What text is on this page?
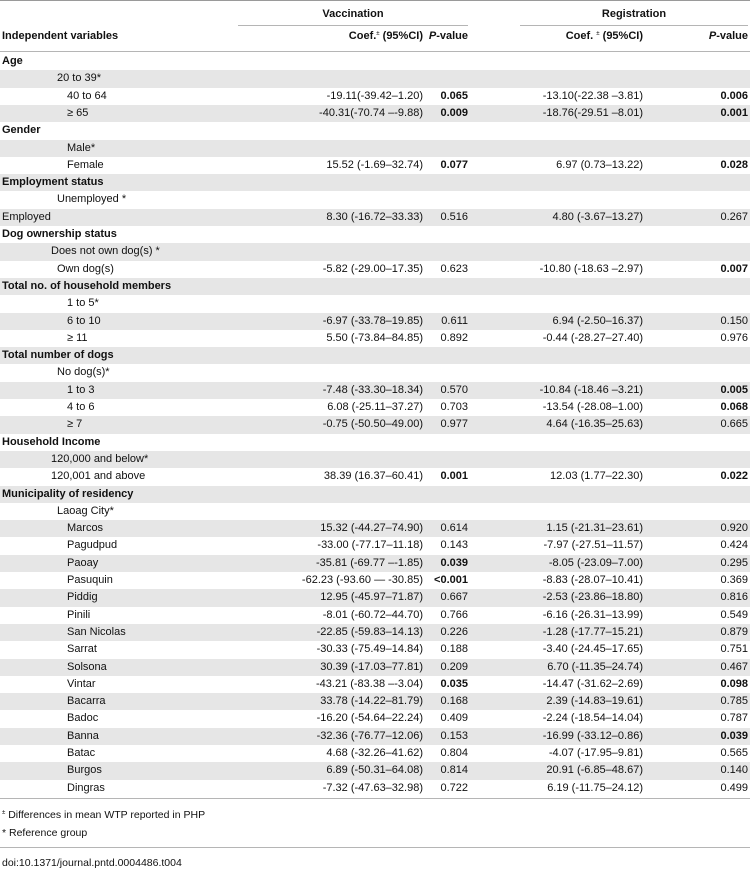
Vaccination	Registration
Independent variables	Coef.± (95%CI) P-value	Coef. ± (95%CI)	P-value
Age
20 to 39*
40 to 64	-19.11(-39.42–1.20) 0.065	-13.10(-22.38 –3.81)	0.006
≥ 65	-40.31(-70.74 –-9.88) 0.009	-18.76(-29.51 –8.01)	0.001
Gender
Male*
Female	15.52 (-1.69–32.74) 0.077	6.97 (0.73–13.22)	0.028
Employment status
Unemployed *
Employed	8.30 (-16.72–33.33) 0.516	4.80 (-3.67–13.27)	0.267
Dog ownership status
Does not own dog(s) *
Own dog(s)	-5.82 (-29.00–17.35) 0.623	-10.80 (-18.63 –2.97)	0.007
Total no. of household members
1 to 5*
6 to 10	-6.97 (-33.78–19.85) 0.611	6.94 (-2.50–16.37)	0.150
≥ 11	5.50 (-73.84–84.85) 0.892	-0.44 (-28.27–27.40)	0.976
Total number of dogs
No dog(s)*
1 to 3	-7.48 (-33.30–18.34) 0.570	-10.84 (-18.46 –3.21)	0.005
4 to 6	6.08 (-25.11–37.27) 0.703	-13.54 (-28.08–1.00)	0.068
≥ 7	-0.75 (-50.50–49.00) 0.977	4.64 (-16.35–25.63)	0.665
Household Income
120,000 and below*
120,001 and above	38.39 (16.37–60.41) 0.001	12.03 (1.77–22.30)	0.022
Municipality of residency
Laoag City*
Marcos	15.32 (-44.27–74.90) 0.614	1.15 (-21.31–23.61)	0.920
Pagudpud	-33.00 (-77.17–11.18) 0.143	-7.97 (-27.51–11.57)	0.424
Paoay	-35.81 (-69.77 –-1.85) 0.039	-8.05 (-23.09–7.00)	0.295
Pasuquin	-62.23 (-93.60 — -30.85) <0.001	-8.83 (-28.07–10.41)	0.369
Piddig	12.95 (-45.97–71.87) 0.667	-2.53 (-23.86–18.80)	0.816
Pinili	-8.01 (-60.72–44.70) 0.766	-6.16 (-26.31–13.99)	0.549
San Nicolas	-22.85 (-59.83–14.13) 0.226	-1.28 (-17.77–15.21)	0.879
Sarrat	-30.33 (-75.49–14.84) 0.188	-3.40 (-24.45–17.65)	0.751
Solsona	30.39 (-17.03–77.81) 0.209	6.70 (-11.35–24.74)	0.467
Vintar	-43.21 (-83.38 –-3.04) 0.035	-14.47 (-31.62–2.69)	0.098
Bacarra	33.78 (-14.22–81.79) 0.168	2.39 (-14.83–19.61)	0.785
Badoc	-16.20 (-54.64–22.24) 0.409	-2.24 (-18.54–14.04)	0.787
Banna	-32.36 (-76.77–12.06) 0.153	-16.99 (-33.12–0.86)	0.039
Batac	4.68 (-32.26–41.62) 0.804	-4.07 (-17.95–9.81)	0.565
Burgos	6.89 (-50.31–64.08) 0.814	20.91 (-6.85–48.67)	0.140
Dingras	-7.32 (-47.63–32.98) 0.722	6.19 (-11.75–24.12)	0.499
± Differences in mean WTP reported in PHP
* Reference group
doi:10.1371/journal.pntd.0004486.t004
